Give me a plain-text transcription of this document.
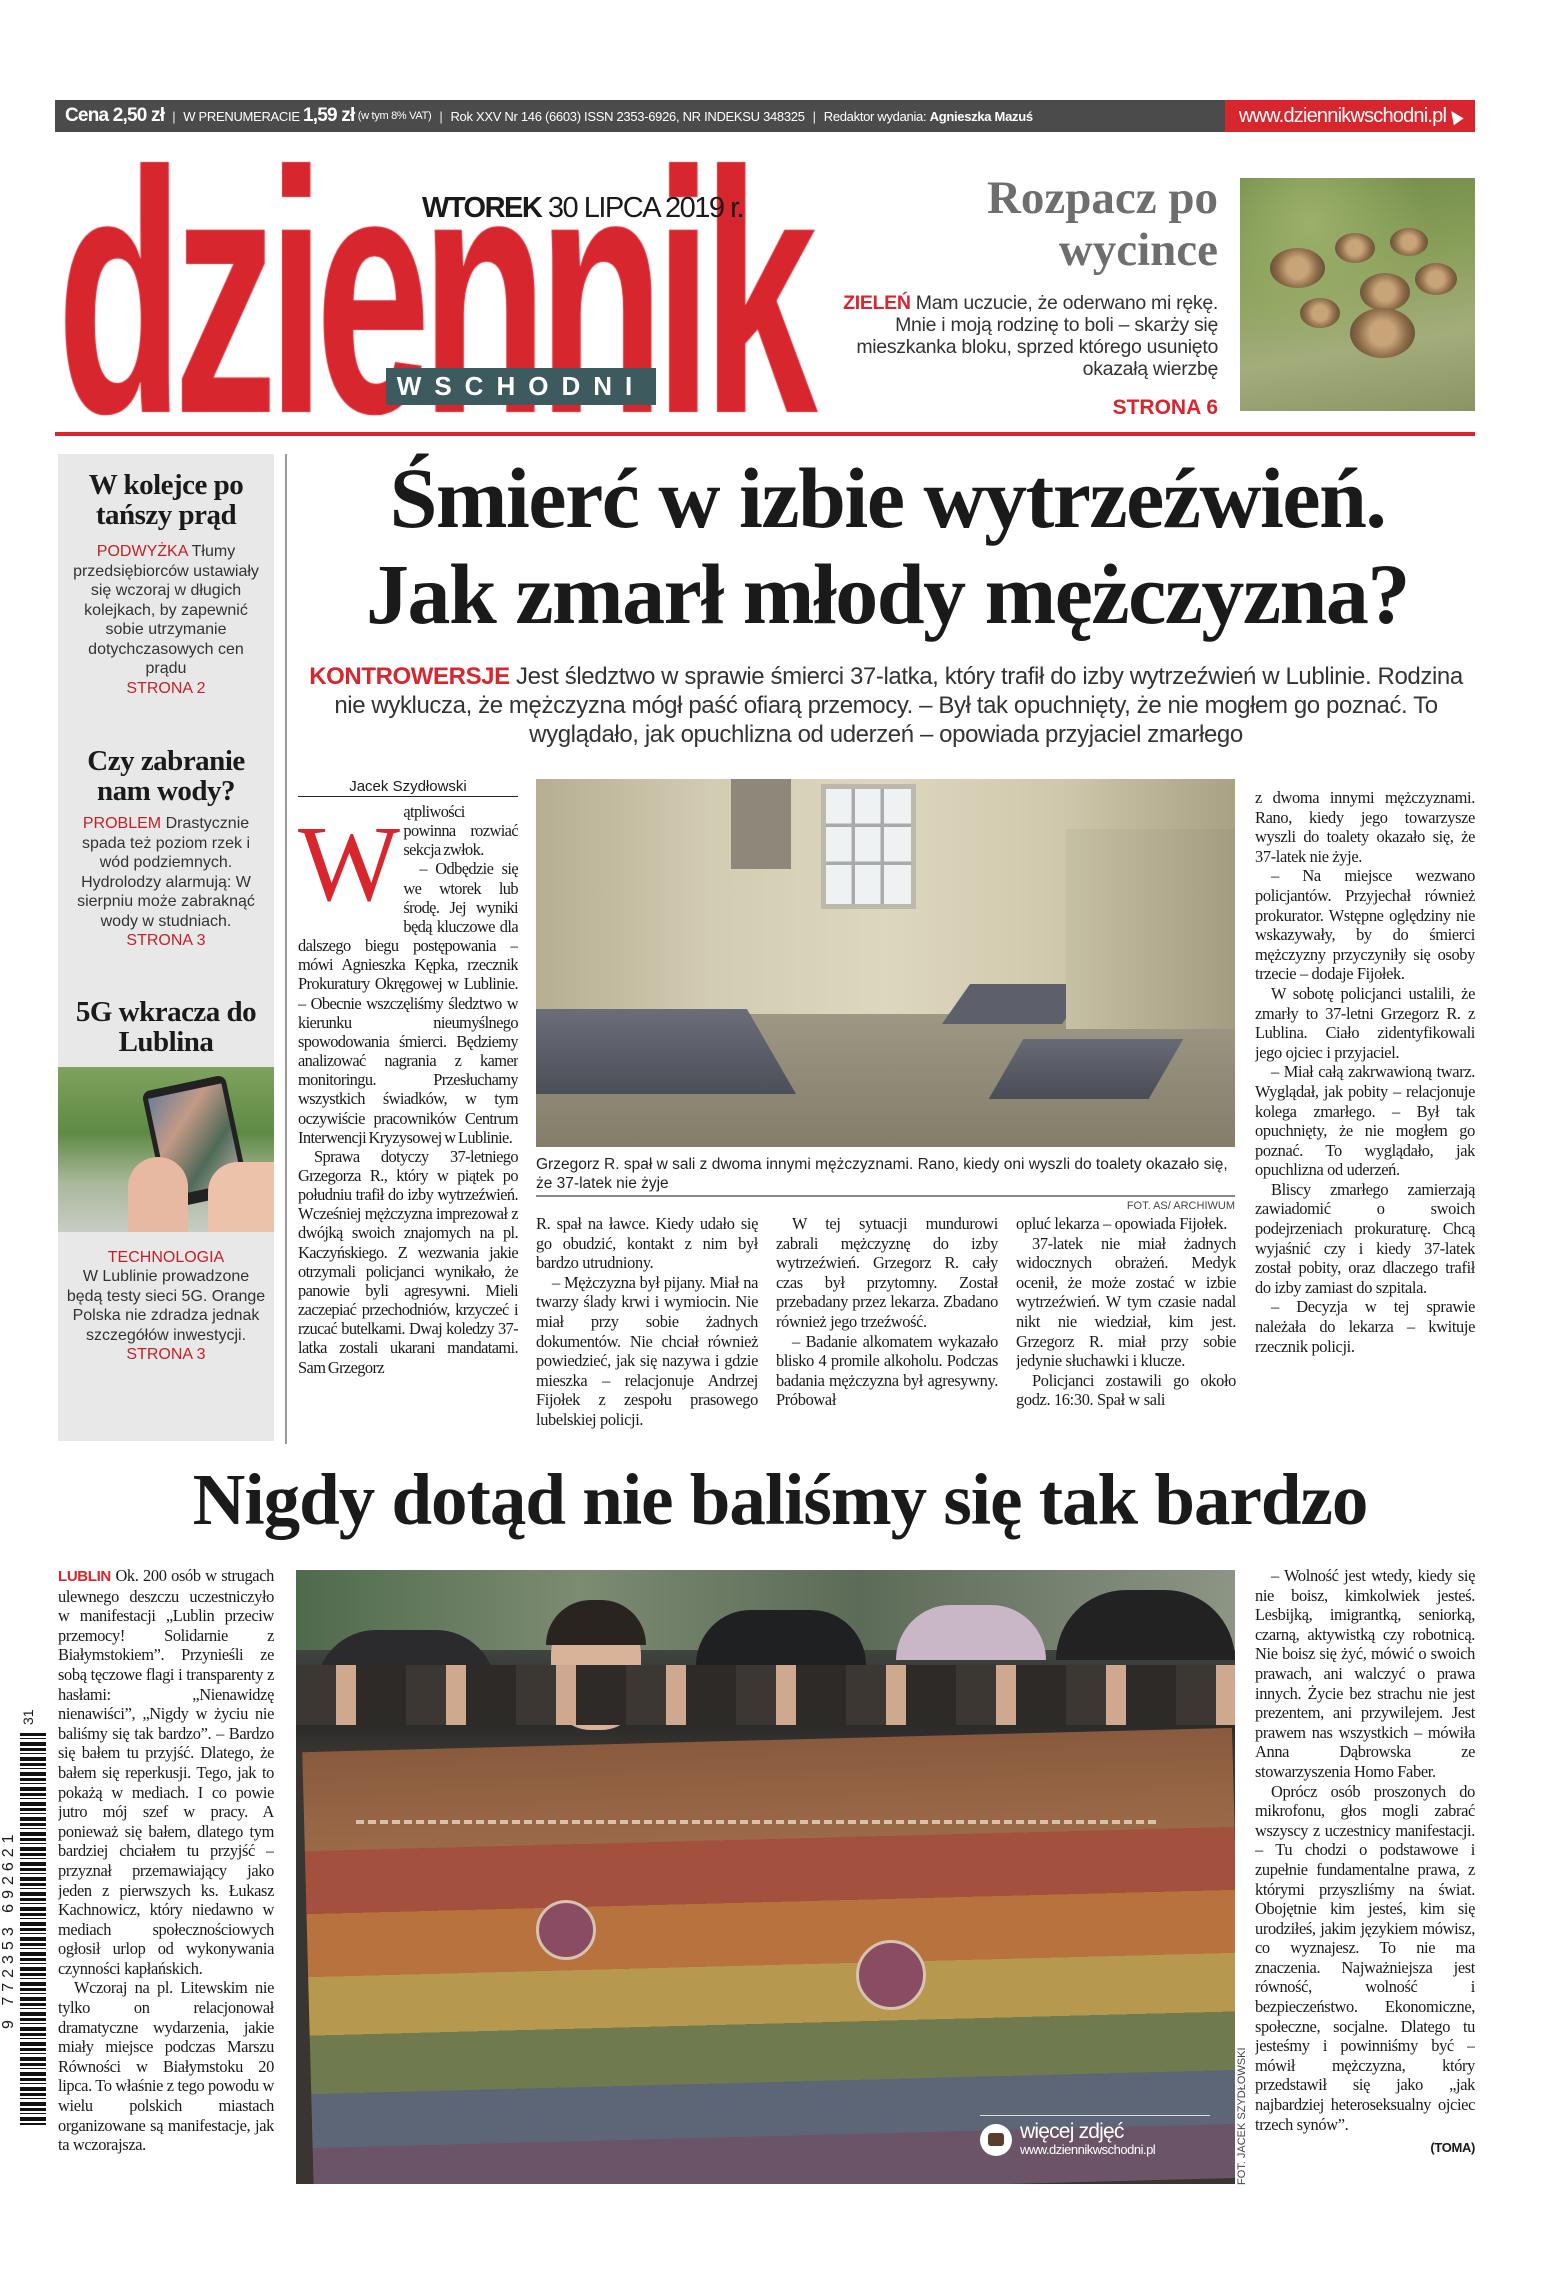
Cena 2,50 zł | W PRENUMERACIE
1,59 zł
(w tym 8% VAT) | Rok XXV Nr 146 (6603) ISSN 2353-6926, NR INDEKSU 348325 | Redaktor wydania:
Agnieszka Mazuś	www.dziennikwschodni.pl
WSCHODNI
WTOREK 30 LIPCA 2019 r.	Rozpacz po wycince

ZIELEŃ Mam uczucie, że oderwano mi rękę. Mnie i moją rodzinę to boli – skarży się mieszkanka bloku, sprzed którego usunięto okazałą wierzbę

STRONA 6
W kolejce po tańszy prąd

PODWYŻKA Tłumy przedsiębiorców ustawiały się wczoraj w długich kolejkach, by zapewnić sobie utrzymanie dotychczasowych cen prądu
STRONA 2

Czy zabranie nam wody?

PROBLEM Drastycznie spada też poziom rzek i wód podziemnych. Hydrolodzy alarmują: W sierpniu może zabraknąć wody w studniach.
STRONA 3

5G wkracza do Lublina

TECHNOLOGIA
W Lublinie prowadzone będą testy sieci 5G. Orange Polska nie zdradza jednak szczegółów inwestycji.
STRONA 3

Śmierć w izbie wytrzeźwień.
Jak zmarł młody mężczyzna?

KONTROWERSJE Jest śledztwo w sprawie śmierci 37-latka, który trafił do izby wytrzeźwień w Lublinie. Rodzina nie wyklucza, że mężczyzna mógł paść ofiarą przemocy. – Był tak opuchnięty, że nie mogłem go poznać. To wyglądało, jak opuchlizna od uderzeń – opowiada przyjaciel zmarłego

Jacek Szydłowski

Wątpliwości powinna rozwiać sekcja zwłok.

– Odbędzie się we wtorek lub środę. Jej wyniki będą kluczowe dla dalszego biegu postępowania – mówi Agnieszka Kępka, rzecznik Prokuratury Okręgowej w Lublinie. – Obecnie wszczęliśmy śledztwo w kierunku nieumyślnego spowodowania śmierci. Będziemy analizować nagrania z kamer monitoringu. Przesłuchamy wszystkich świadków, w tym oczywiście pracowników Centrum Interwencji Kryzysowej w Lublinie.

Sprawa dotyczy 37-letniego Grzegorza R., który w piątek po południu trafił do izby wytrzeźwień. Wcześniej mężczyzna imprezował z dwójką swoich znajomych na pl. Kaczyńskiego. Z wezwania jakie otrzymali policjanci wynikało, że panowie byli agresywni. Mieli zaczepiać przechodniów, krzyczeć i rzucać butelkami. Dwaj koledzy 37-latka zostali ukarani mandatami. Sam Grzegorz

Grzegorz R. spał w sali z dwoma innymi mężczyznami. Rano, kiedy oni wyszli do toalety okazało się, że 37-latek nie żyje
FOT. AS/ ARCHIWUM

R. spał na ławce. Kiedy udało się go obudzić, kontakt z nim był bardzo utrudniony.

– Mężczyzna był pijany. Miał na twarzy ślady krwi i wymiocin. Nie miał przy sobie żadnych dokumentów. Nie chciał również powiedzieć, jak się nazywa i gdzie mieszka – relacjonuje Andrzej Fijołek z zespołu prasowego lubelskiej policji.

W tej sytuacji mundurowi zabrali mężczyznę do izby wytrzeźwień. Grzegorz R. cały czas był przytomny. Został przebadany przez lekarza. Zbadano również jego trzeźwość.

– Badanie alkomatem wykazało blisko 4 promile alkoholu. Podczas badania mężczyzna był agresywny. Próbował

opluć lekarza – opowiada Fijołek.

37-latek nie miał żadnych widocznych obrażeń. Medyk ocenił, że może zostać w izbie wytrzeźwień. W tym czasie nadal nikt nie wiedział, kim jest. Grzegorz R. miał przy sobie jedynie słuchawki i klucze.

Policjanci zostawili go około godz. 16:30. Spał w sali

z dwoma innymi mężczyznami. Rano, kiedy jego towarzysze wyszli do toalety okazało się, że 37-latek nie żyje.

– Na miejsce wezwano policjantów. Przyjechał również prokurator. Wstępne oględziny nie wskazywały, by do śmierci mężczyzny przyczyniły się osoby trzecie – dodaje Fijołek.

W sobotę policjanci ustalili, że zmarły to 37-letni Grzegorz R. z Lublina. Ciało zidentyfikowali jego ojciec i przyjaciel.

– Miał całą zakrwawioną twarz. Wyglądał, jak pobity – relacjonuje kolega zmarłego. – Był tak opuchnięty, że nie mogłem go poznać. To wyglądało, jak opuchlizna od uderzeń.

Bliscy zmarłego zamierzają zawiadomić o swoich podejrzeniach prokuraturę. Chcą wyjaśnić czy i kiedy 37-latek został pobity, oraz dlaczego trafił do izby zamiast do szpitala.

– Decyzja w tej sprawie należała do lekarza – kwituje rzecznik policji.

Nigdy dotąd nie baliśmy się tak bardzo
31
9 772353 692621

LUBLIN Ok. 200 osób w strugach ulewnego deszczu uczestniczyło w manifestacji „Lublin przeciw przemocy! Solidarnie z Białymstokiem”. Przynieśli ze sobą tęczowe flagi i transparenty z hasłami: „Nienawidzę nienawiści”, „Nigdy w życiu nie baliśmy się tak bardzo”. – Bardzo się bałem tu przyjść. Dlatego, że bałem się reperkusji. Tego, jak to pokażą w mediach. I co powie jutro mój szef w pracy. A ponieważ się bałem, dlatego tym bardziej chciałem tu przyjść – przyznał przemawiający jako jeden z pierwszych ks. Łukasz Kachnowicz, który niedawno w mediach społecznościowych ogłosił urlop od wykonywania czynności kapłańskich.

Wczoraj na pl. Litewskim nie tylko on relacjonował dramatyczne wydarzenia, jakie miały miejsce podczas Marszu Równości w Białymstoku 20 lipca. To właśnie z tego powodu w wielu polskich miastach organizowane są manifestacje, jak ta wczorajsza.

więcej zdjęć
www.dziennikwschodni.pl	FOT. JACEK SZYDŁOWSKI

– Wolność jest wtedy, kiedy się nie boisz, kimkolwiek jesteś. Lesbijką, imigrantką, seniorką, czarną, aktywistką czy robotnicą. Nie boisz się żyć, mówić o swoich prawach, ani walczyć o prawa innych. Życie bez strachu nie jest prezentem, ani przywilejem. Jest prawem nas wszystkich – mówiła Anna Dąbrowska ze stowarzyszenia Homo Faber.

Oprócz osób proszonych do mikrofonu, głos mogli zabrać wszyscy z uczestnicy manifestacji. – Tu chodzi o podstawowe i zupełnie fundamentalne prawa, z którymi przyszliśmy na świat. Obojętnie kim jesteś, kim się urodziłeś, jakim językiem mówisz, co wyznajesz. To nie ma znaczenia. Najważniejsza jest równość, wolność i bezpieczeństwo. Ekonomiczne, społeczne, socjalne. Dlatego tu jesteśmy i powinniśmy być – mówił mężczyzna, który przedstawił się jako „jak najbardziej heteroseksualny ojciec trzech synów”.

(TOMA)
